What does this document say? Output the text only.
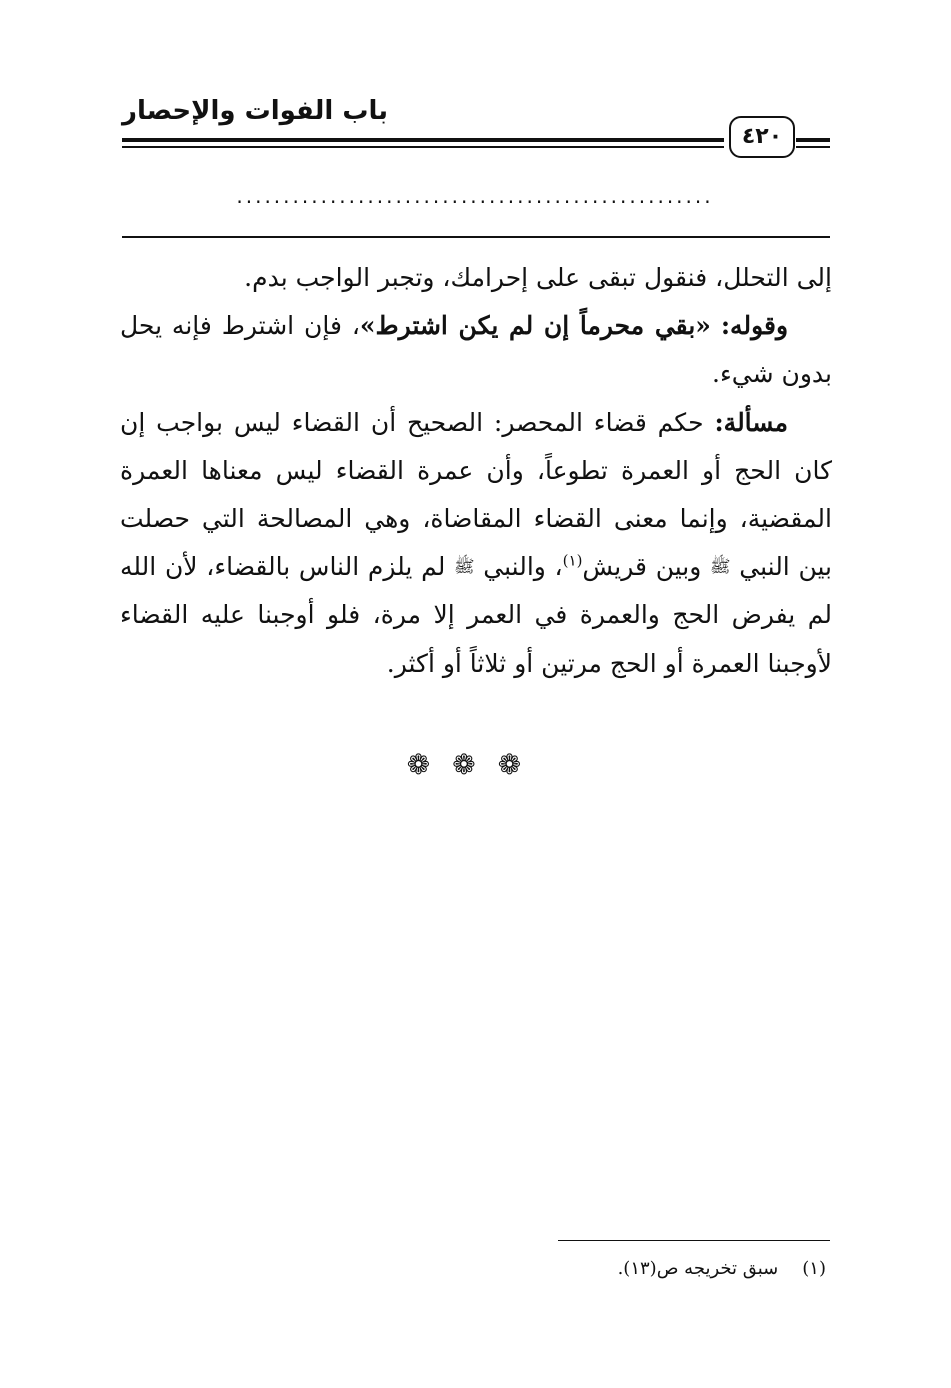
باب الفوات والإحصار
٤٢٠
...................................................

إلى التحلل، فنقول تبقى على إحرامك، وتجبر الواجب بدم.

وقوله: «بقي محرماً إن لم يكن اشترط»، فإن اشترط فإنه يحل بدون شيء.

مسألة: حكم قضاء المحصر: الصحيح أن القضاء ليس بواجب إن كان الحج أو العمرة تطوعاً، وأن عمرة القضاء ليس معناها العمرة المقضية، وإنما معنى القضاء المقاضاة، وهي المصالحة التي حصلت بين النبي $^ﷺ$ وبين قريش$^{(١)}$، والنبي $^ﷺ$ لم يلزم الناس بالقضاء، لأن الله لم يفرض الحج والعمرة في العمر إلا مرة، فلو أوجبنا عليه القضاء لأوجبنا العمرة أو الحج مرتين أو ثلاثاً أو أكثر.

❁❁❁
(١)سبق تخريجه ص(١٣).
